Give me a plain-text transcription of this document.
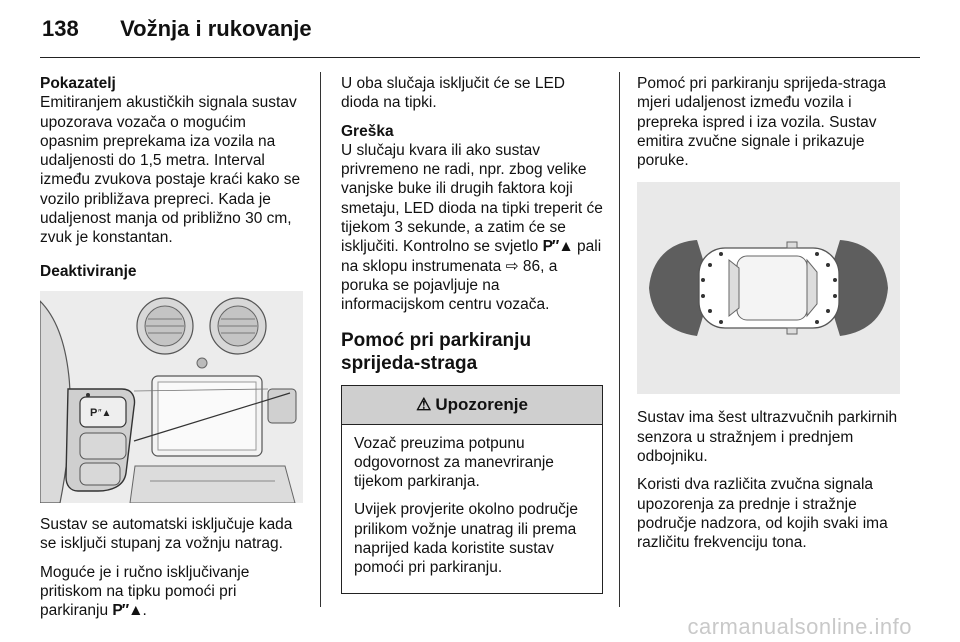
138 Vožnja i rukovanje

Pokazatelj
Emitiranjem akustičkih signala sustav upozorava vozača o mogućim opasnim preprekama iza vozila na udaljenosti do 1,5 metra. Interval između zvukova postaje kraći kako se vozilo približava prepreci. Kada je udaljenost manja od približno 30 cm, zvuk je konstantan.

Deaktiviranje

P ″▲

Sustav se automatski isključuje kada se isključi stupanj za vožnju natrag.

Moguće je i ručno isključivanje pritiskom na tipku pomoći pri parkiranju P″▲.

U oba slučaja isključit će se LED dioda na tipki.

Greška
U slučaju kvara ili ako sustav privremeno ne radi, npr. zbog velike vanjske buke ili drugih faktora koji smetaju, LED dioda na tipki treperit će tijekom 3 sekunde, a zatim će se isključiti. Kontrolno se svjetlo P″▲ pali na sklopu instrumenata ⇨ 86, a poruka se pojavljuje na informacijskom centru vozača.

Pomoć pri parkiranju sprijeda-straga
⚠ Upozorenje

Vozač preuzima potpunu odgovornost za manevriranje tijekom parkiranja.

Uvijek provjerite okolno područje prilikom vožnje unatrag ili prema naprijed kada koristite sustav pomoći pri parkiranju.

Pomoć pri parkiranju sprijeda-straga mjeri udaljenost između vozila i prepreka ispred i iza vozila. Sustav emitira zvučne signale i prikazuje poruke.

Sustav ima šest ultrazvučnih parkirnih senzora u stražnjem i prednjem odbojniku.

Koristi dva različita zvučna signala upozorenja za prednje i stražnje područje nadzora, od kojih svaki ima različitu frekvenciju tona.

carmanualsonline.info
